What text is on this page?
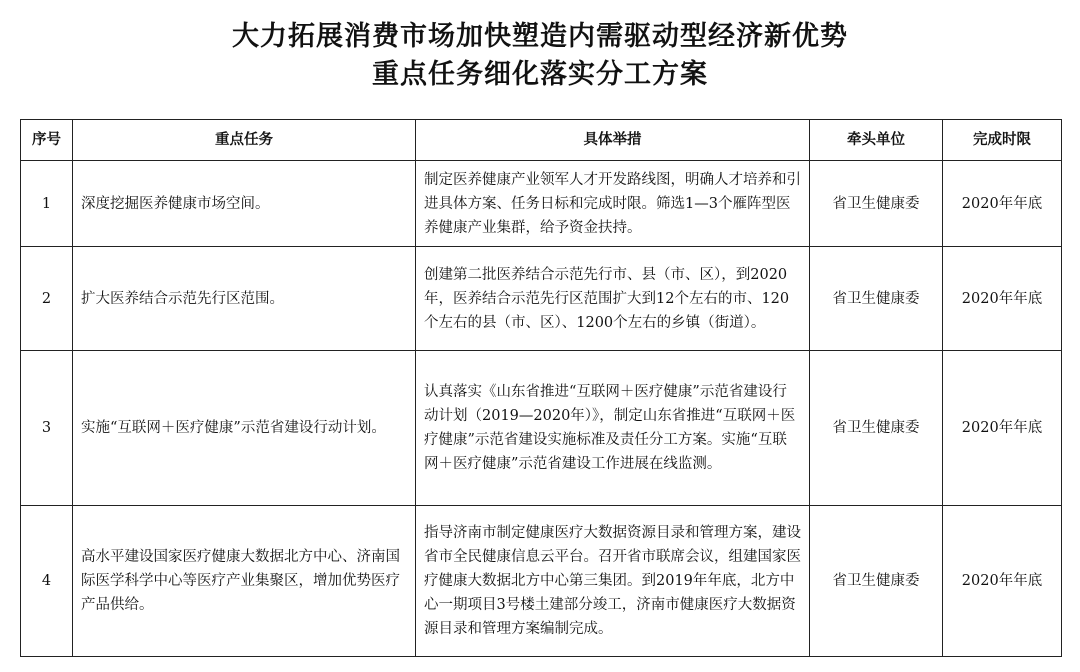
大力拓展消费市场加快塑造内需驱动型经济新优势
重点任务细化落实分工方案
序号	重点任务	具体举措	牵头单位	完成时限
1	深度挖掘医养健康市场空间。	制定医养健康产业领军人才开发路线图，明确人才培养和引进具体方案、任务日标和完成时限。筛选1—3个雁阵型医养健康产业集群，给予资金扶持。	省卫生健康委	2020年年底
2	扩大医养结合示范先行区范围。	创建第二批医养结合示范先行市、县（市、区），到2020年，医养结合示范先行区范围扩大到12个左右的市、120个左右的县（市、区）、1200个左右的乡镇（街道）。	省卫生健康委	2020年年底
3	实施“互联网＋医疗健康”示范省建设行动计划。	认真落实《山东省推进“互联网＋医疗健康”示范省建设行动计划（2019—2020年）》，制定山东省推进“互联网＋医疗健康”示范省建设实施标准及责任分工方案。实施“互联网＋医疗健康”示范省建设工作进展在线监测。	省卫生健康委	2020年年底
4	高水平建设国家医疗健康大数据北方中心、济南国际医学科学中心等医疗产业集聚区，增加优势医疗产品供给。	指导济南市制定健康医疗大数据资源目录和管理方案，建设省市全民健康信息云平台。召开省市联席会议，组建国家医疗健康大数据北方中心第三集团。到2019年年底，北方中心一期项目3号楼土建部分竣工，济南市健康医疗大数据资源目录和管理方案编制完成。	省卫生健康委	2020年年底
